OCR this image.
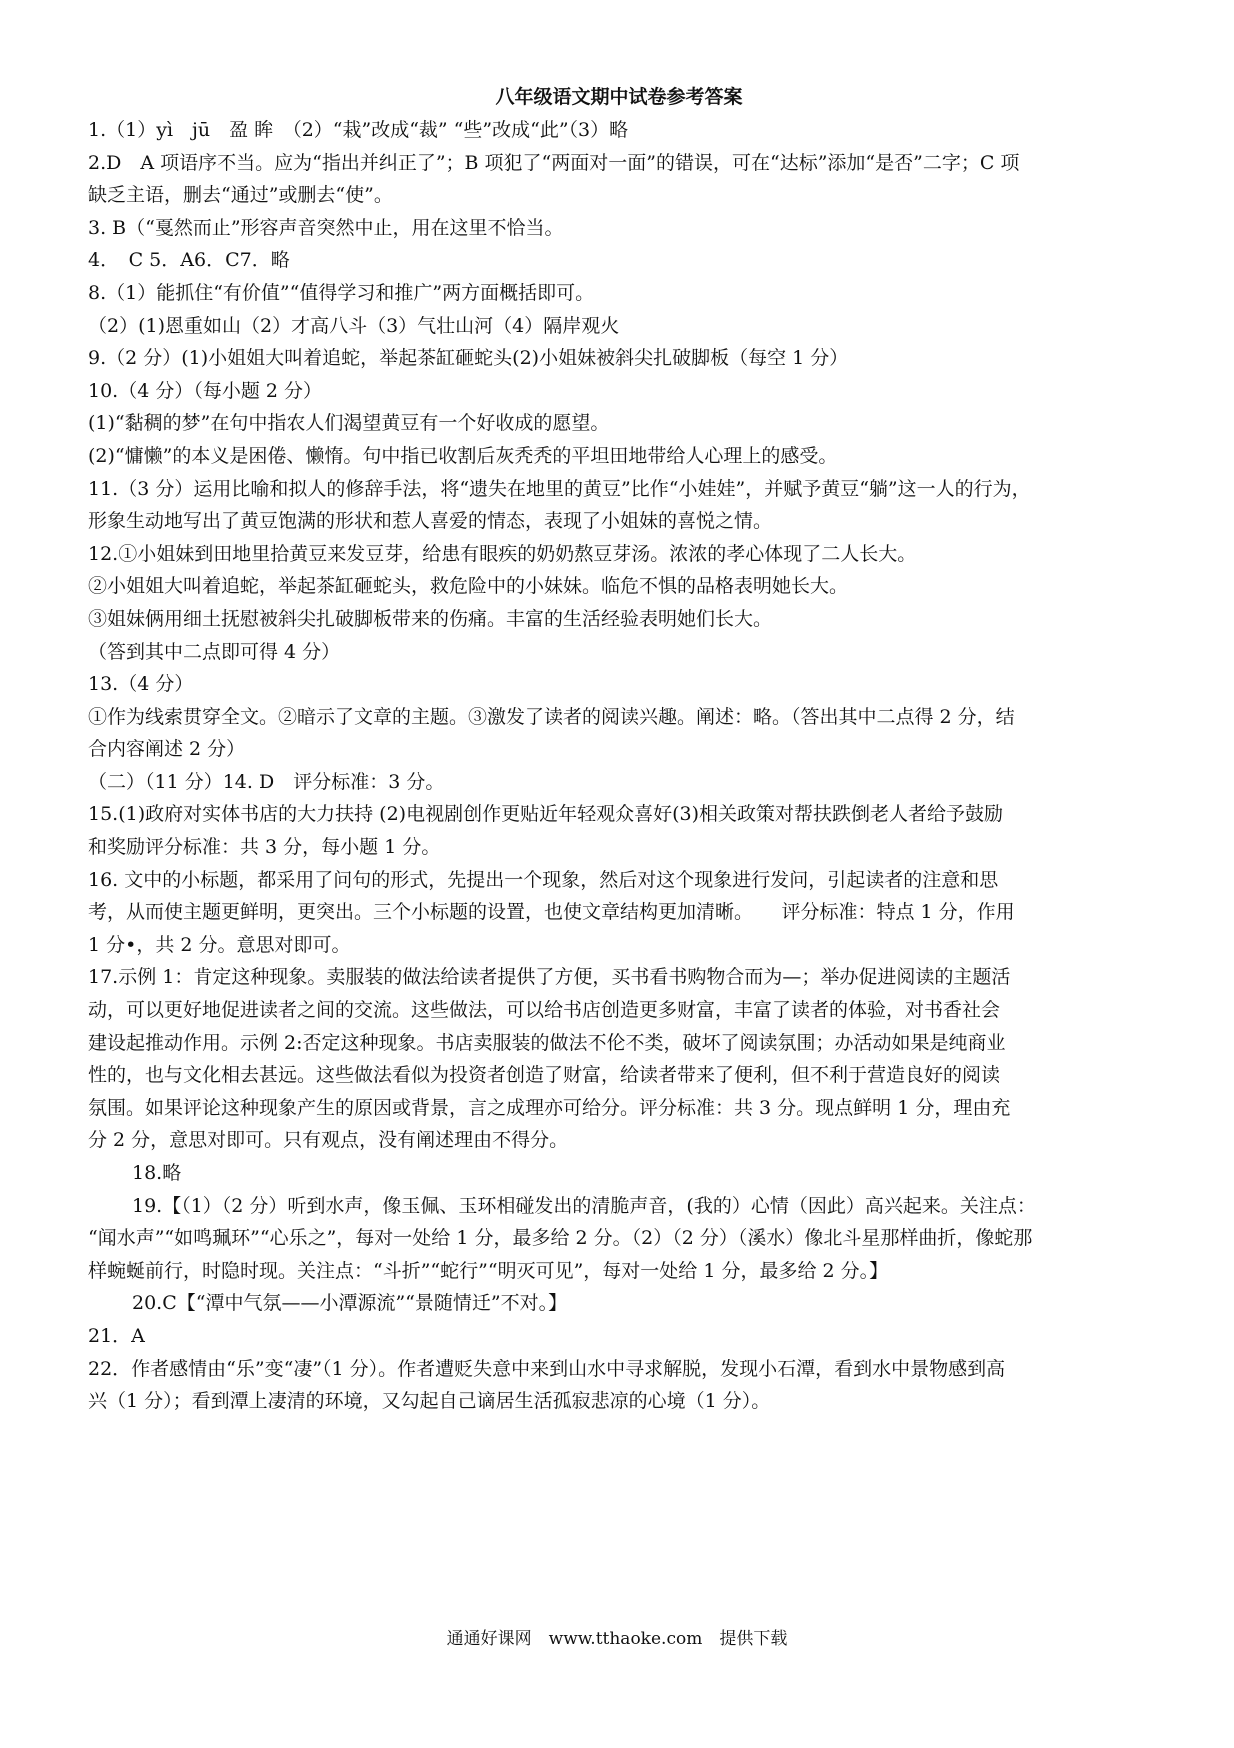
八年级语文期中试卷参考答案
1.（1）yì　jū　盈 眸　（2）“栽”改成“裁” “些”改成“此”（3）略
2.D　A 项语序不当。应为“指出并纠正了”；B 项犯了“两面对一面”的错误，可在“达标”添加“是否”二字；C 项
缺乏主语，删去“通过”或删去“使”。
3. B（“戛然而止”形容声音突然中止，用在这里不恰当。
4．　C 5．A6．C7．略
8.（1）能抓住“有价值”“值得学习和推广”两方面概括即可。
（2）(1)恩重如山（2）才高八斗（3）气壮山河（4）隔岸观火
9.（2 分）(1)小姐姐大叫着追蛇，举起茶缸砸蛇头(2)小姐妹被斜尖扎破脚板（每空 1 分）
10.（4 分）（每小题 2 分）
(1)“黏稠的梦”在句中指农人们渴望黄豆有一个好收成的愿望。
(2)“慵懒”的本义是困倦、懒惰。句中指已收割后灰秃秃的平坦田地带给人心理上的感受。
11.（3 分）运用比喻和拟人的修辞手法，将“遗失在地里的黄豆”比作“小娃娃”，并赋予黄豆“躺”这一人的行为，
形象生动地写出了黄豆饱满的形状和惹人喜爱的情态，表现了小姐妹的喜悦之情。
12.①小姐妹到田地里拾黄豆来发豆芽，给患有眼疾的奶奶熬豆芽汤。浓浓的孝心体现了二人长大。
②小姐姐大叫着追蛇，举起茶缸砸蛇头，救危险中的小妹妹。临危不惧的品格表明她长大。
③姐妹俩用细土抚慰被斜尖扎破脚板带来的伤痛。丰富的生活经验表明她们长大。
（答到其中二点即可得 4 分）
13.（4 分）
①作为线索贯穿全文。②暗示了文章的主题。③激发了读者的阅读兴趣。阐述：略。（答出其中二点得 2 分，结
合内容阐述 2 分）
（二）（11 分）14. D　评分标准：3 分。
15.(1)政府对实体书店的大力扶持 (2)电视剧创作更贴近年轻观众喜好(3)相关政策对帮扶跌倒老人者给予鼓励
和奖励评分标准：共 3 分，每小题 1 分。
16. 文中的小标题，都采用了问句的形式，先提出一个现象，然后对这个现象进行发问，引起读者的注意和思
考，从而使主题更鲜明，更突出。三个小标题的设置，也使文章结构更加清晰。　　评分标准：特点 1 分，作用
1 分•，共 2 分。意思对即可。
17.示例 1：肯定这种现象。卖服装的做法给读者提供了方便，买书看书购物合而为—；举办促进阅读的主题活
动，可以更好地促进读者之间的交流。这些做法，可以给书店创造更多财富，丰富了读者的体验，对书香社会
建设起推动作用。示例 2:否定这种现象。书店卖服装的做法不伦不类，破坏了阅读氛围；办活动如果是纯商业
性的，也与文化相去甚远。这些做法看似为投资者创造了财富，给读者带来了便利，但不利于营造良好的阅读
氛围。如果评论这种现象产生的原因或背景，言之成理亦可给分。评分标准：共 3 分。现点鲜明 1 分，理由充
分 2 分，意思对即可。只有观点，没有阐述理由不得分。
18.略
19.【（1）（2 分）听到水声，像玉佩、玉环相碰发出的清脆声音，(我的）心情（因此）高兴起来。关注点：
“闻水声”“如鸣珮环”“心乐之”，每对一处给 1 分，最多给 2 分。（2）（2 分）（溪水）像北斗星那样曲折，像蛇那
样蜿蜒前行，时隐时现。关注点：“斗折”“蛇行”“明灭可见”，每对一处给 1 分，最多给 2 分。】
20.C【“潭中气氛——小潭源流”“景随情迁”不对。】
21．A
22．作者感情由“乐”变“凄”（1 分）。作者遭贬失意中来到山水中寻求解脱，发现小石潭，看到水中景物感到高
兴（1 分）；看到潭上凄清的环境，又勾起自己谪居生活孤寂悲凉的心境（1 分）。
通通好课网　www.tthaoke.com　提供下载
